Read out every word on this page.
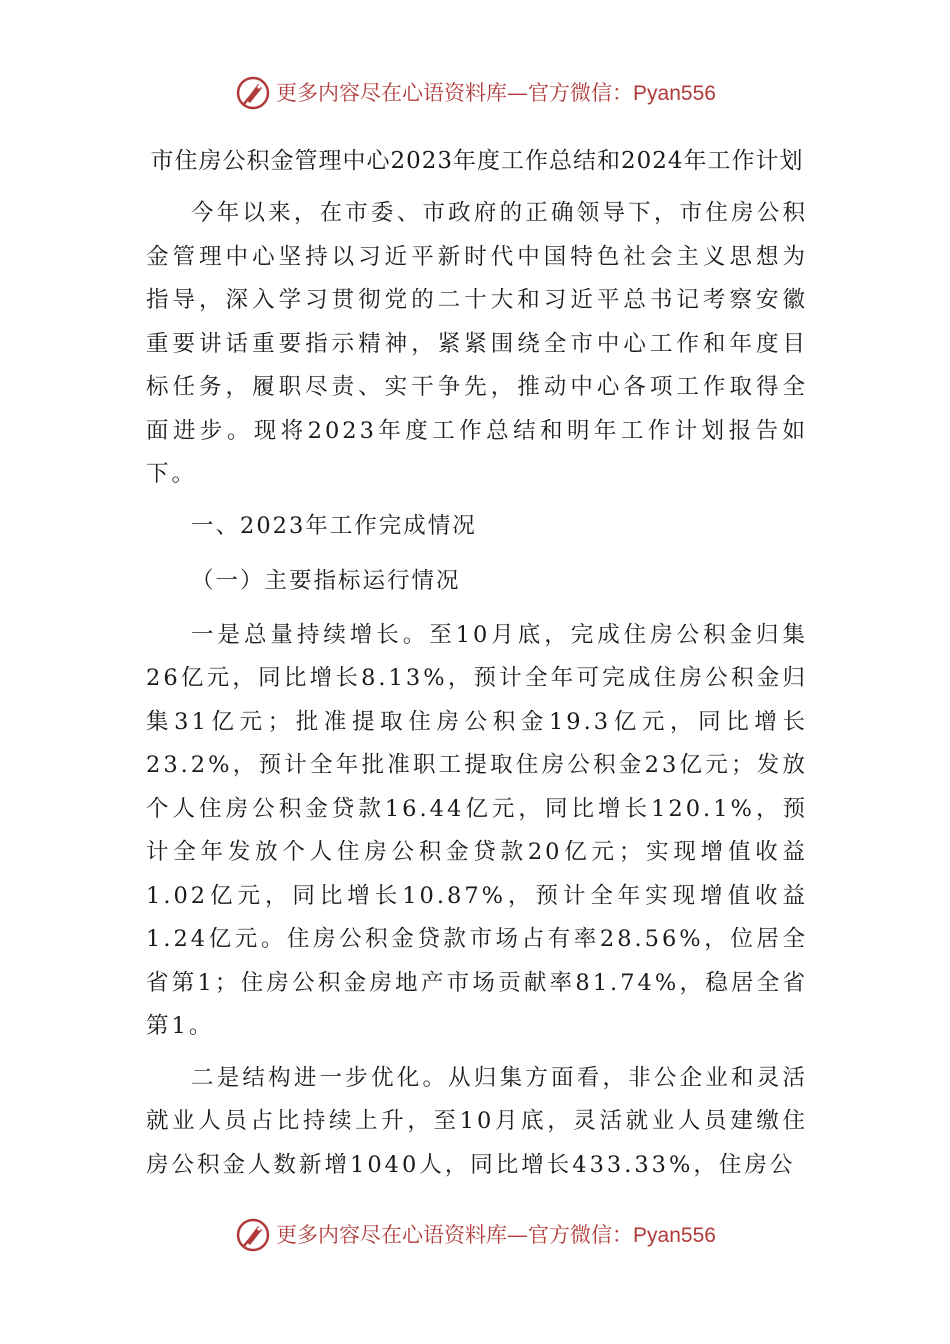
更多内容尽在心语资料库—官方微信：Pyan556
市住房公积金管理中心2023年度工作总结和2024年工作计划

今年以来，在市委、市政府的正确领导下，市住房公积金管理中心坚持以习近平新时代中国特色社会主义思想为指导，深入学习贯彻党的二十大和习近平总书记考察安徽重要讲话重要指示精神，紧紧围绕全市中心工作和年度目标任务，履职尽责、实干争先，推动中心各项工作取得全面进步。现将2023年度工作总结和明年工作计划报告如下。

一、2023年工作完成情况
（一）主要指标运行情况

一是总量持续增长。至10月底，完成住房公积金归集26亿元，同比增长8.13%，预计全年可完成住房公积金归集31亿元；批准提取住房公积金19.3亿元，同比增长23.2%，预计全年批准职工提取住房公积金23亿元；发放个人住房公积金贷款16.44亿元，同比增长120.1%，预计全年发放个人住房公积金贷款20亿元；实现增值收益1.02亿元，同比增长10.87%，预计全年实现增值收益1.24亿元。住房公积金贷款市场占有率28.56%，位居全省第1；住房公积金房地产市场贡献率81.74%，稳居全省第1。

二是结构进一步优化。从归集方面看，非公企业和灵活就业人员占比持续上升，至10月底，灵活就业人员建缴住房公积金人数新增1040人，同比增长433.33%，住房公

更多内容尽在心语资料库—官方微信：Pyan556
